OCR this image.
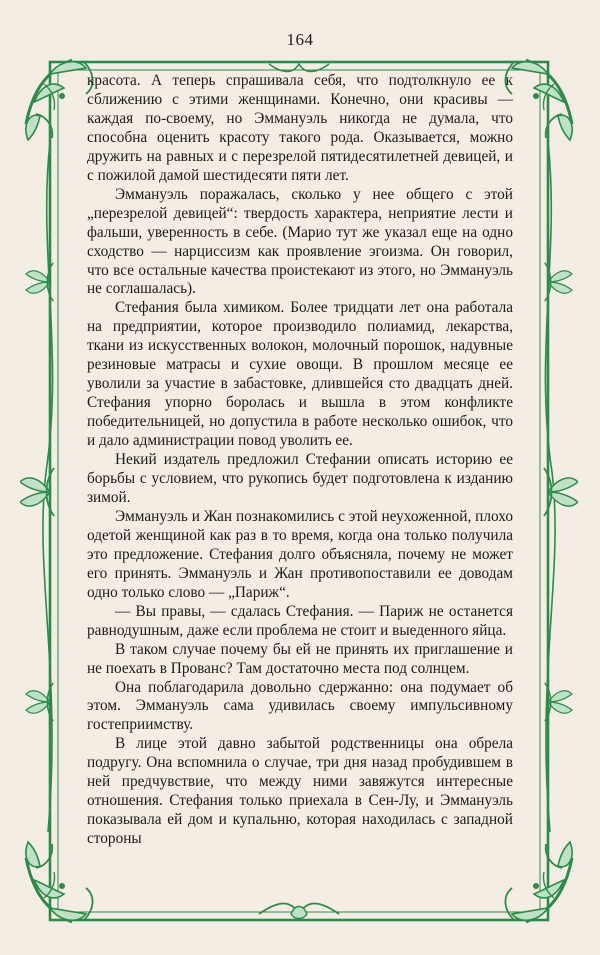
164

красота. А теперь спрашивала себя, что подтолкнуло ее к сближению с этими женщинами. Конечно, они красивы — каждая по-своему, но Эммануэль никогда не думала, что способна оценить красоту такого рода. Оказывается, можно дружить на равных и с перезрелой пятидесятилетней девицей, и с пожилой дамой шестидесяти пяти лет.

Эммануэль поражалась, сколько у нее общего с этой „перезрелой девицей“: твердость характера, неприятие лести и фальши, уверенность в себе. (Марио тут же указал еще на одно сходство — нарциссизм как проявление эгоизма. Он говорил, что все остальные качества проистекают из этого, но Эммануэль не соглашалась).

Стефания была химиком. Более тридцати лет она работала на предприятии, которое производило полиамид, лекарства, ткани из искусственных волокон, молочный порошок, надувные резиновые матрасы и сухие овощи. В прошлом месяце ее уволили за участие в забастовке, длившейся сто двадцать дней. Стефания упорно боролась и вышла в этом конфликте победительницей, но допустила в работе несколько ошибок, что и дало администрации повод уволить ее.

Некий издатель предложил Стефании описать историю ее борьбы с условием, что рукопись будет подготовлена к изданию зимой.

Эммануэль и Жан познакомились с этой неухоженной, плохо одетой женщиной как раз в то время, когда она только получила это предложение. Стефания долго объясняла, почему не может его принять. Эммануэль и Жан противопоставили ее доводам одно только слово — „Париж“.

— Вы правы, — сдалась Стефания. — Париж не останется равнодушным, даже если проблема не стоит и выеденного яйца.

В таком случае почему бы ей не принять их приглашение и не поехать в Прованс? Там достаточно места под солнцем.

Она поблагодарила довольно сдержанно: она подумает об этом. Эммануэль сама удивилась своему импульсивному гостеприимству.

В лице этой давно забытой родственницы она обрела подругу. Она вспомнила о случае, три дня назад пробудившем в ней предчувствие, что между ними завяжутся интересные отношения. Стефания только приехала в Сен-Лу, и Эммануэль показывала ей дом и купальню, которая находилась с западной стороны
